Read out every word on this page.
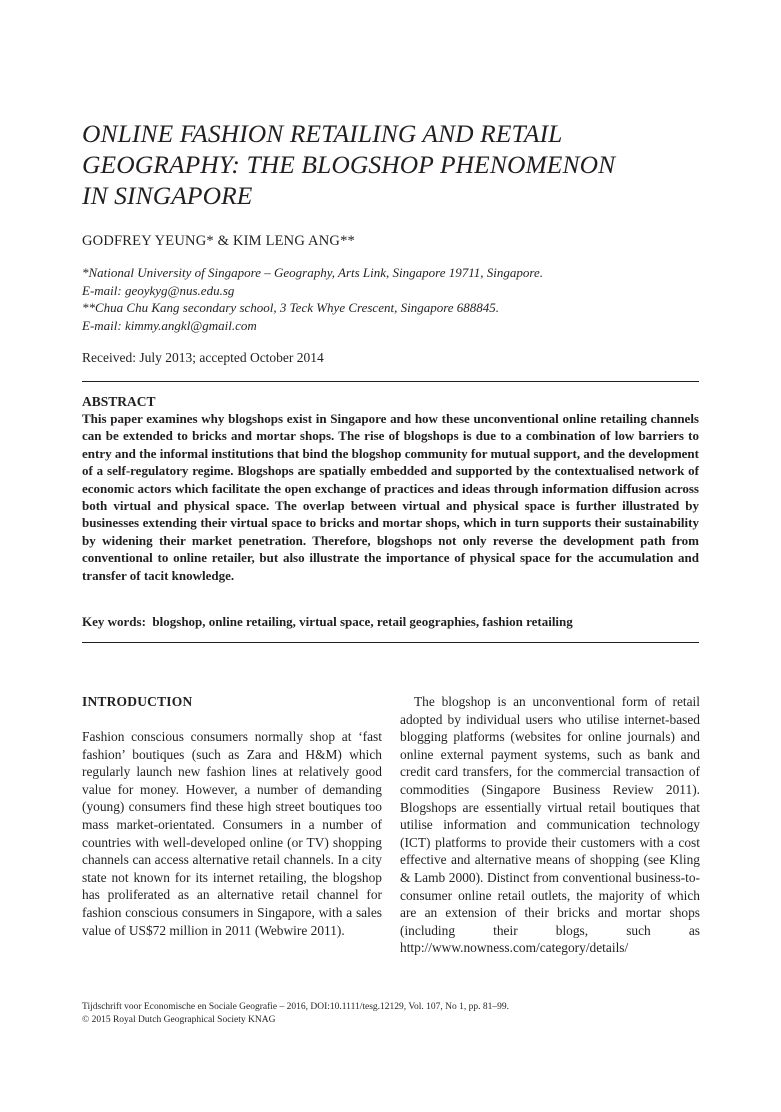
ONLINE FASHION RETAILING AND RETAIL
GEOGRAPHY: THE BLOGSHOP PHENOMENON
IN SINGAPORE

GODFREY YEUNG* & KIM LENG ANG**

*National University of Singapore – Geography, Arts Link, Singapore 19711, Singapore.
E-mail: geoykyg@nus.edu.sg
**Chua Chu Kang secondary school, 3 Teck Whye Crescent, Singapore 688845.
E-mail: kimmy.angkl@gmail.com

Received: July 2013; accepted October 2014

ABSTRACT

This paper examines why blogshops exist in Singapore and how these unconventional online retailing channels can be extended to bricks and mortar shops. The rise of blogshops is due to a combination of low barriers to entry and the informal institutions that bind the blogshop community for mutual support, and the development of a self-regulatory regime. Blogshops are spatially embedded and supported by the contextualised network of economic actors which facilitate the open exchange of practices and ideas through information diffusion across both virtual and physical space. The overlap between virtual and physical space is further illustrated by businesses extending their virtual space to bricks and mortar shops, which in turn supports their sustainability by widening their market penetration. Therefore, blogshops not only reverse the development path from conventional to online retailer, but also illustrate the importance of physical space for the accumulation and transfer of tacit knowledge.

Key words: blogshop, online retailing, virtual space, retail geographies, fashion retailing

INTRODUCTION

Fashion conscious consumers normally shop at ‘fast fashion’ boutiques (such as Zara and H&M) which regularly launch new fashion lines at relatively good value for money. However, a number of demanding (young) consumers find these high street boutiques too mass market-orientated. Consumers in a number of countries with well-developed online (or TV) shopping channels can access alternative retail channels. In a city state not known for its internet retailing, the blogshop has proliferated as an alternative retail channel for fashion conscious consumers in Singapore, with a sales value of US$72 million in 2011 (Webwire 2011).

The blogshop is an unconventional form of retail adopted by individual users who utilise internet-based blogging platforms (websites for online journals) and online external payment systems, such as bank and credit card transfers, for the commercial transaction of commodities (Singapore Business Review 2011). Blogshops are essentially virtual retail boutiques that utilise information and communication technology (ICT) platforms to provide their customers with a cost effective and alternative means of shopping (see Kling & Lamb 2000). Distinct from conventional business-to-consumer online retail outlets, the majority of which are an extension of their bricks and mortar shops (including their blogs, such as http://www.nowness.com/category/details/

Tijdschrift voor Economische en Sociale Geografie – 2016, DOI:10.1111/tesg.12129, Vol. 107, No 1, pp. 81–99.
© 2015 Royal Dutch Geographical Society KNAG
